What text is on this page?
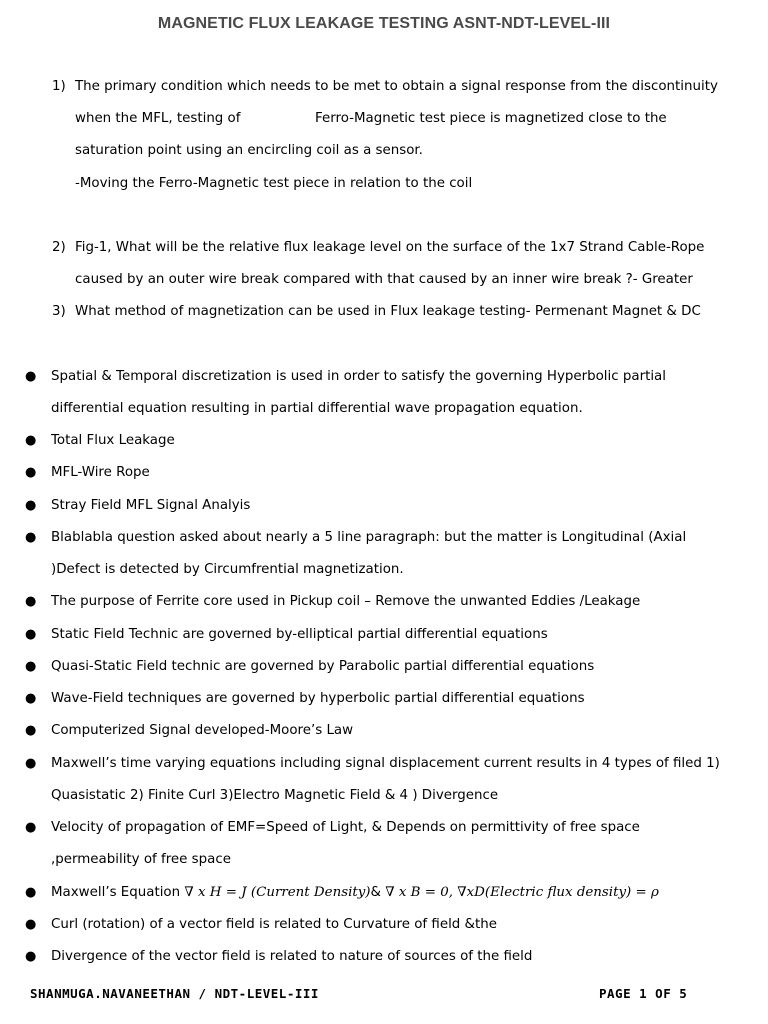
MAGNETIC FLUX LEAKAGE TESTING ASNT-NDT-LEVEL-III
1) The primary condition which needs to be met to obtain a signal response from the discontinuity
when the MFL, testing of	Ferro-Magnetic test piece is magnetized close to the
saturation point using an encircling coil as a sensor.
-Moving the Ferro-Magnetic test piece in relation to the coil
2) Fig-1, What will be the relative flux leakage level on the surface of the 1x7 Strand Cable-Rope
caused by an outer wire break compared with that caused by an inner wire break ?- Greater
3) What method of magnetization can be used in Flux leakage testing- Permenant Magnet & DC
● Spatial & Temporal discretization is used in order to satisfy the governing Hyperbolic partial
differential equation resulting in partial differential wave propagation equation.
● Total Flux Leakage
● MFL-Wire Rope
● Stray Field MFL Signal Analyis
● Blablabla question asked about nearly a 5 line paragraph: but the matter is Longitudinal (Axial
)Defect is detected by Circumfrential magnetization.
● The purpose of Ferrite core used in Pickup coil – Remove the unwanted Eddies /Leakage
● Static Field Technic are governed by-elliptical partial differential equations
● Quasi-Static Field technic are governed by Parabolic partial differential equations
● Wave-Field techniques are governed by hyperbolic partial differential equations
● Computerized Signal developed-Moore’s Law
● Maxwell’s time varying equations including signal displacement current results in 4 types of filed 1)
Quasistatic 2) Finite Curl 3)Electro Magnetic Field & 4 ) Divergence
● Velocity of propagation of EMF=Speed of Light, & Depends on permittivity of free space
,permeability of free space
● Maxwell’s Equation ∇ x H = J (Current Density)& ∇ x B = 0, ∇xD(Electric flux density) = ρ
● Curl (rotation) of a vector field is related to Curvature of field &the
● Divergence of the vector field is related to nature of sources of the field
SHANMUGA.NAVANEETHAN / NDT-LEVEL-III	PAGE 1 OF 5
